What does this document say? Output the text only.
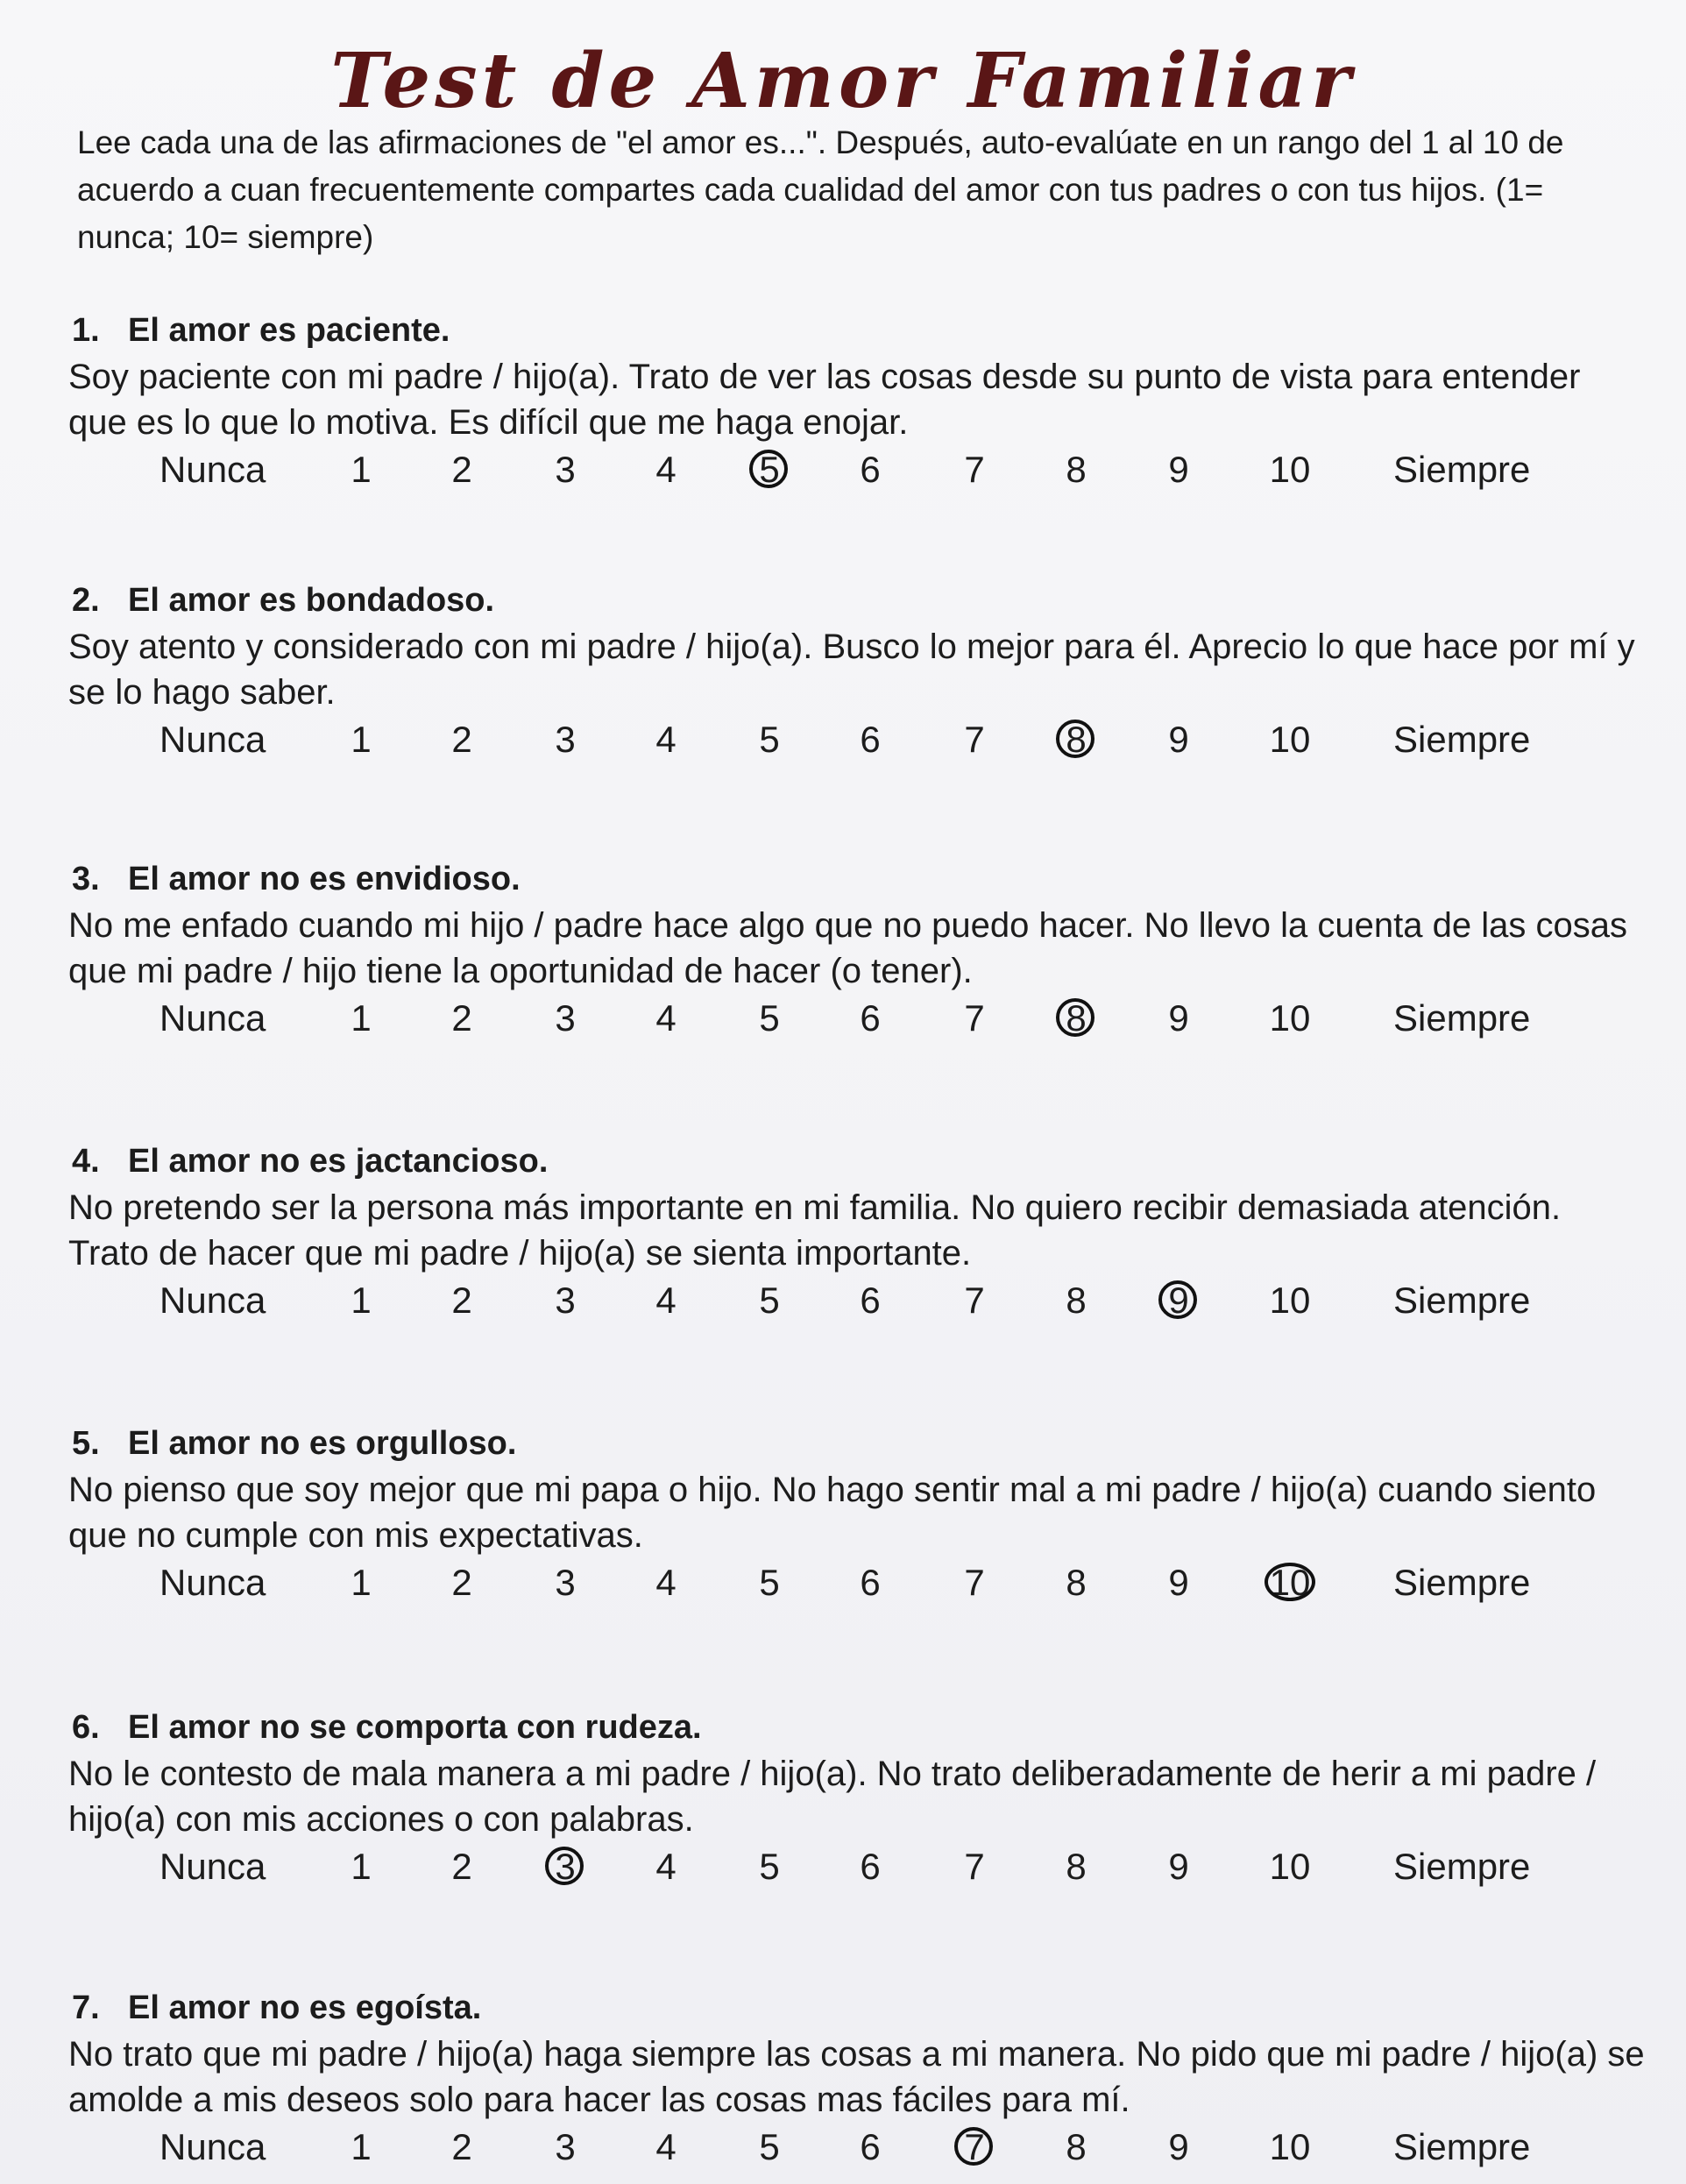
Test de Amor Familiar
Lee cada una de las afirmaciones de "el amor es...". Después, auto-evalúate en un rango del 1 al 10 de acuerdo a cuan frecuentemente compartes cada cualidad del amor con tus padres o con tus hijos. (1= nunca; 10= siempre)
1. El amor es paciente.
Soy paciente con mi padre / hijo(a). Trato de ver las cosas desde su punto de vista para entender que es lo que lo motiva. Es difícil que me haga enojar.
Nunca	1	2	3	4	5	6	7	8	9	10 Siempre
2. El amor es bondadoso.
Soy atento y considerado con mi padre / hijo(a). Busco lo mejor para él. Aprecio lo que hace por mí y se lo hago saber.
Nunca	1	2	3	4	5	6	7	8	9	10 Siempre
3. El amor no es envidioso.
No me enfado cuando mi hijo / padre hace algo que no puedo hacer. No llevo la cuenta de las cosas que mi padre / hijo tiene la oportunidad de hacer (o tener).
Nunca	1	2	3	4	5	6	7	8	9	10 Siempre
4. El amor no es jactancioso.
No pretendo ser la persona más importante en mi familia. No quiero recibir demasiada atención. Trato de hacer que mi padre / hijo(a) se sienta importante.
Nunca	1	2	3	4	5	6	7	8	9	10 Siempre
5. El amor no es orgulloso.
No pienso que soy mejor que mi papa o hijo. No hago sentir mal a mi padre / hijo(a) cuando siento que no cumple con mis expectativas.
Nunca	1	2	3	4	5	6	7	8	9	10 Siempre
6. El amor no se comporta con rudeza.
No le contesto de mala manera a mi padre / hijo(a). No trato deliberadamente de herir a mi padre / hijo(a) con mis acciones o con palabras.
Nunca	1	2	3	4	5	6	7	8	9	10 Siempre
7. El amor no es egoísta.
No trato que mi padre / hijo(a) haga siempre las cosas a mi manera. No pido que mi padre / hijo(a) se amolde a mis deseos solo para hacer las cosas mas fáciles para mí.
Nunca	1	2	3	4	5	6	7	8	9	10 Siempre
